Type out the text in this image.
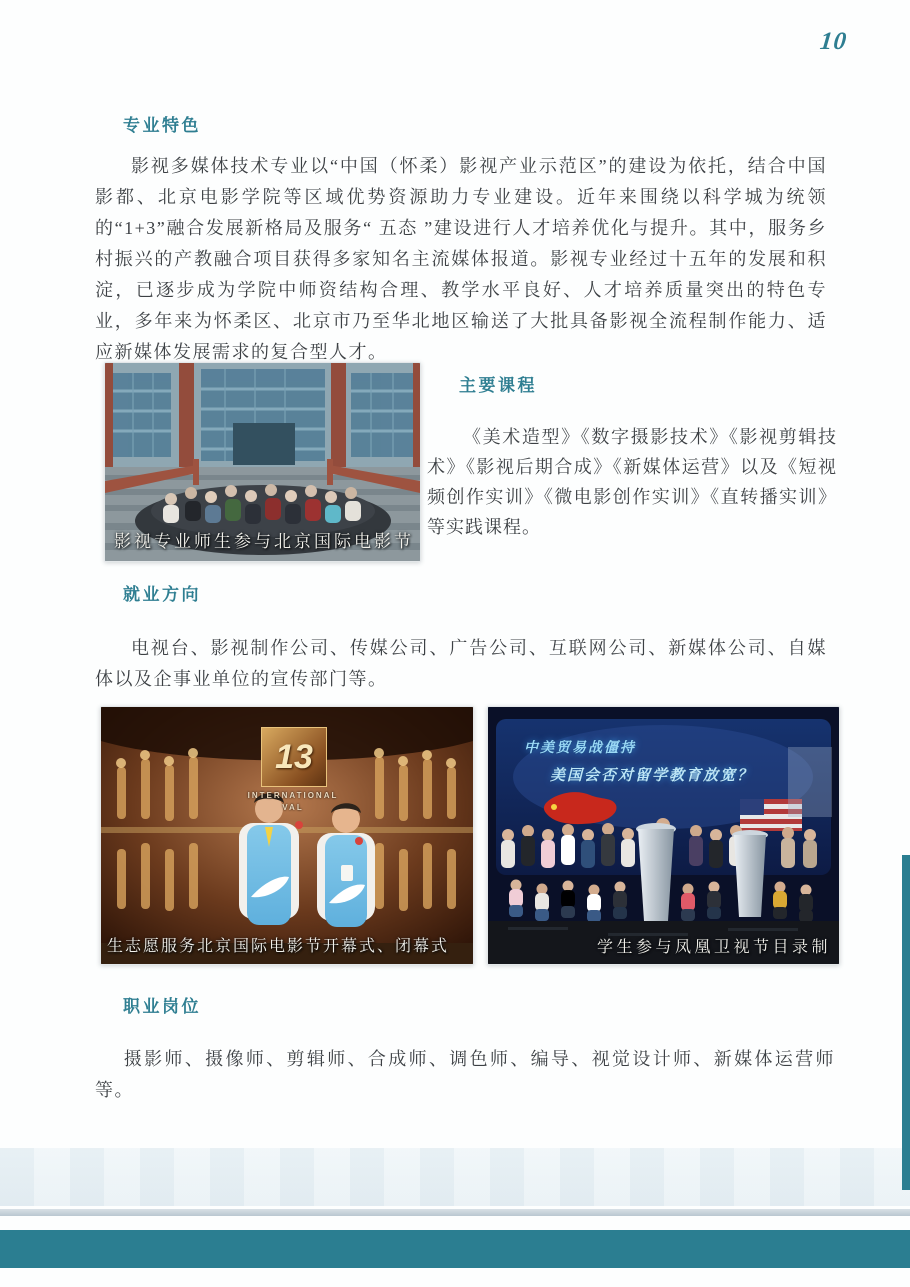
10
专业特色

影视多媒体技术专业以“中国（怀柔）影视产业示范区”的建设为依托，结合中国影都、北京电影学院等区域优势资源助力专业建设。近年来围绕以科学城为统领的“1+3”融合发展新格局及服务“ 五态 ”建设进行人才培养优化与提升。其中，服务乡村振兴的产教融合项目获得多家知名主流媒体报道。影视专业经过十五年的发展和积淀，已逐步成为学院中师资结构合理、教学水平良好、人才培养质量突出的特色专业，多年来为怀柔区、北京市乃至华北地区输送了大批具备影视全流程制作能力、适应新媒体发展需求的复合型人才。

影视专业师生参与北京国际电影节
主要课程

《美术造型》《数字摄影技术》《影视剪辑技术》《影视后期合成》《新媒体运营》以及《短视频创作实训》《微电影创作实训》《直转播实训》等实践课程。

就业方向

电视台、影视制作公司、传媒公司、广告公司、互联网公司、新媒体公司、自媒体以及企事业单位的宣传部门等。

13
INTERNATIONAL
VAL
生志愿服务北京国际电影节开幕式、闭幕式
中美贸易战僵持
美国会否对留学教育放宽？
学生参与凤凰卫视节目录制
职业岗位

摄影师、摄像师、剪辑师、合成师、调色师、编导、视觉设计师、新媒体运营师等。
